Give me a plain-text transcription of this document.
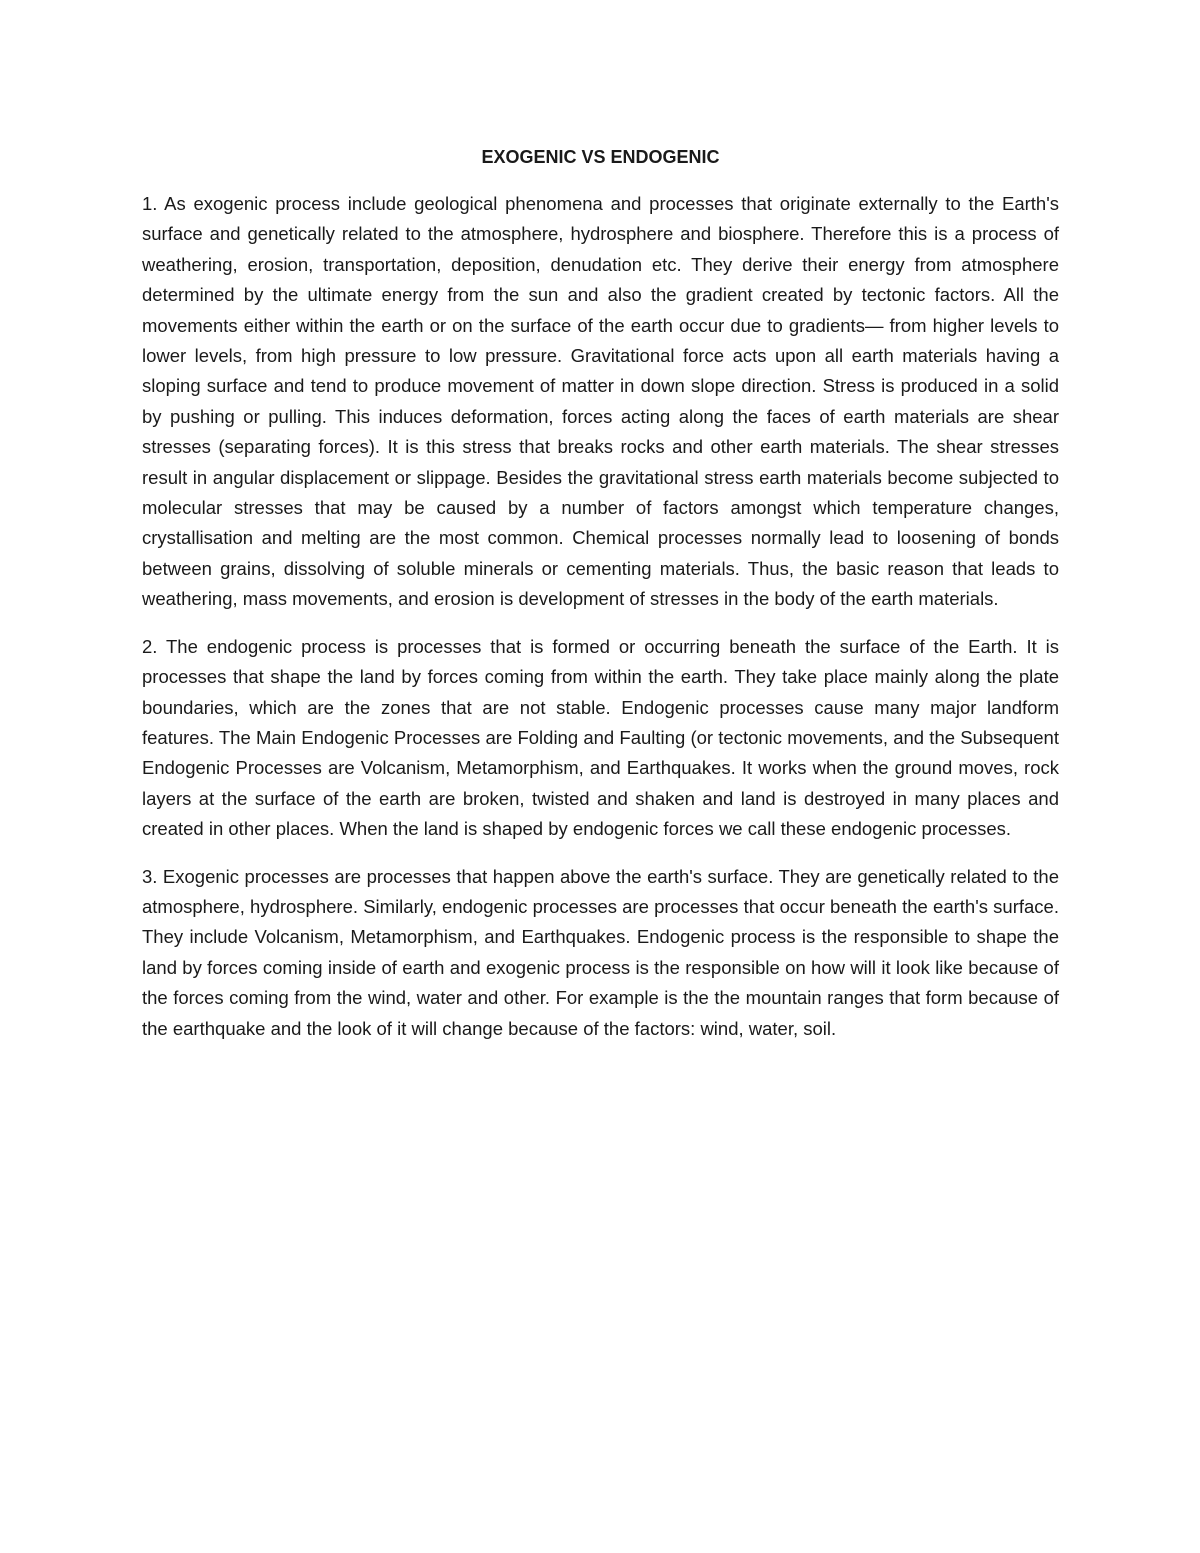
EXOGENIC VS ENDOGENIC

1. As exogenic process include geological phenomena and processes that originate externally to the Earth's surface and genetically related to the atmosphere, hydrosphere and biosphere. Therefore this is a process of weathering, erosion, transportation, deposition, denudation etc. They derive their energy from atmosphere determined by the ultimate energy from the sun and also the gradient created by tectonic factors. All the movements either within the earth or on the surface of the earth occur due to gradients— from higher levels to lower levels, from high pressure to low pressure. Gravitational force acts upon all earth materials having a sloping surface and tend to produce movement of matter in down slope direction. Stress is produced in a solid by pushing or pulling. This induces deformation, forces acting along the faces of earth materials are shear stresses (separating forces). It is this stress that breaks rocks and other earth materials. The shear stresses result in angular displacement or slippage. Besides the gravitational stress earth materials become subjected to molecular stresses that may be caused by a number of factors amongst which temperature changes, crystallisation and melting are the most common. Chemical processes normally lead to loosening of bonds between grains, dissolving of soluble minerals or cementing materials. Thus, the basic reason that leads to weathering, mass movements, and erosion is development of stresses in the body of the earth materials.

2. The endogenic process is processes that is formed or occurring beneath the surface of the Earth. It is processes that shape the land by forces coming from within the earth. They take place mainly along the plate boundaries, which are the zones that are not stable. Endogenic processes cause many major landform features. The Main Endogenic Processes are Folding and Faulting (or tectonic movements, and the Subsequent Endogenic Processes are Volcanism, Metamorphism, and Earthquakes. It works when the ground moves, rock layers at the surface of the earth are broken, twisted and shaken and land is destroyed in many places and created in other places. When the land is shaped by endogenic forces we call these endogenic processes.

3. Exogenic processes are processes that happen above the earth's surface. They are genetically related to the atmosphere, hydrosphere. Similarly, endogenic processes are processes that occur beneath the earth's surface. They include Volcanism, Metamorphism, and Earthquakes. Endogenic process is the responsible to shape the land by forces coming inside of earth and exogenic process is the responsible on how will it look like because of the forces coming from the wind, water and other. For example is the the mountain ranges that form because of the earthquake and the look of it will change because of the factors: wind, water, soil.
